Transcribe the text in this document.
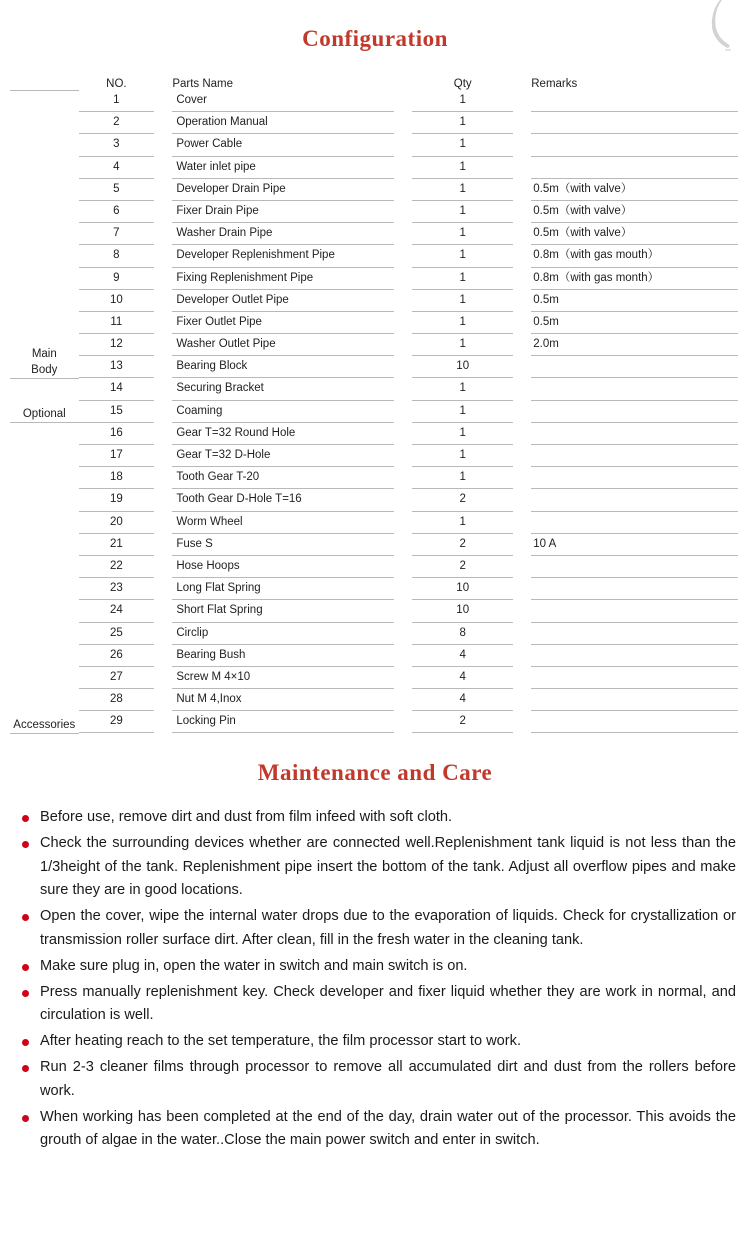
Configuration
	NO.		Parts Name		Qty		Remarks

Main
Body	1		Cover		1		

	2		Operation Manual		1		

	3		Power Cable		1		

	4		Water inlet pipe		1		

	5		Developer Drain Pipe		1		0.5m（with valve）

	6		Fixer Drain Pipe		1		0.5m（with valve）

	7		Washer Drain Pipe		1		0.5m（with valve）

	8		Developer Replenishment Pipe		1		0.8m（with gas mouth）

	9		Fixing Replenishment Pipe		1		0.8m（with gas month）

	10		Developer Outlet Pipe		1		0.5m

	11		Fixer Outlet Pipe		1		0.5m

	12		Washer Outlet Pipe		1		2.0m

	13		Bearing Block		10		

Optional	14		Securing Bracket		1		

	15		Coaming		1		

Accessories	16		Gear T=32 Round Hole		1		

	17		Gear T=32 D-Hole		1		

	18		Tooth Gear T-20		1		

	19		Tooth Gear D-Hole T=16		2		

	20		Worm Wheel		1		

	21		Fuse S		2		10 A

	22		Hose Hoops		2		

	23		Long Flat Spring		10		

	24		Short Flat Spring		10		

	25		Circlip		8		

	26		Bearing Bush		4		

	27		Screw M 4×10		4		

	28		Nut M 4,Inox		4		

	29		Locking Pin		2		

Maintenance and Care
Before use, remove dirt and dust from film infeed with soft cloth.
Check the surrounding devices whether are connected well.Replenishment tank liquid is not less than the 1/3height of the tank. Replenishment pipe insert the bottom of the tank. Adjust all overflow pipes and make sure they are in good locations.
Open the cover, wipe the internal water drops due to the evaporation of liquids. Check for crystallization or transmission roller surface dirt. After clean, fill in the fresh water in the cleaning tank.
Make sure plug in, open the water in switch and main switch is on.
Press manually replenishment key. Check developer and fixer liquid whether they are work in normal, and circulation is well.
After heating reach to the set temperature, the film processor start to work.
Run 2-3 cleaner films through processor to remove all accumulated dirt and dust from the rollers before work.
When working has been completed at the end of the day, drain water out of the processor. This avoids the grouth of algae in the water..Close the main power switch and enter in switch.
